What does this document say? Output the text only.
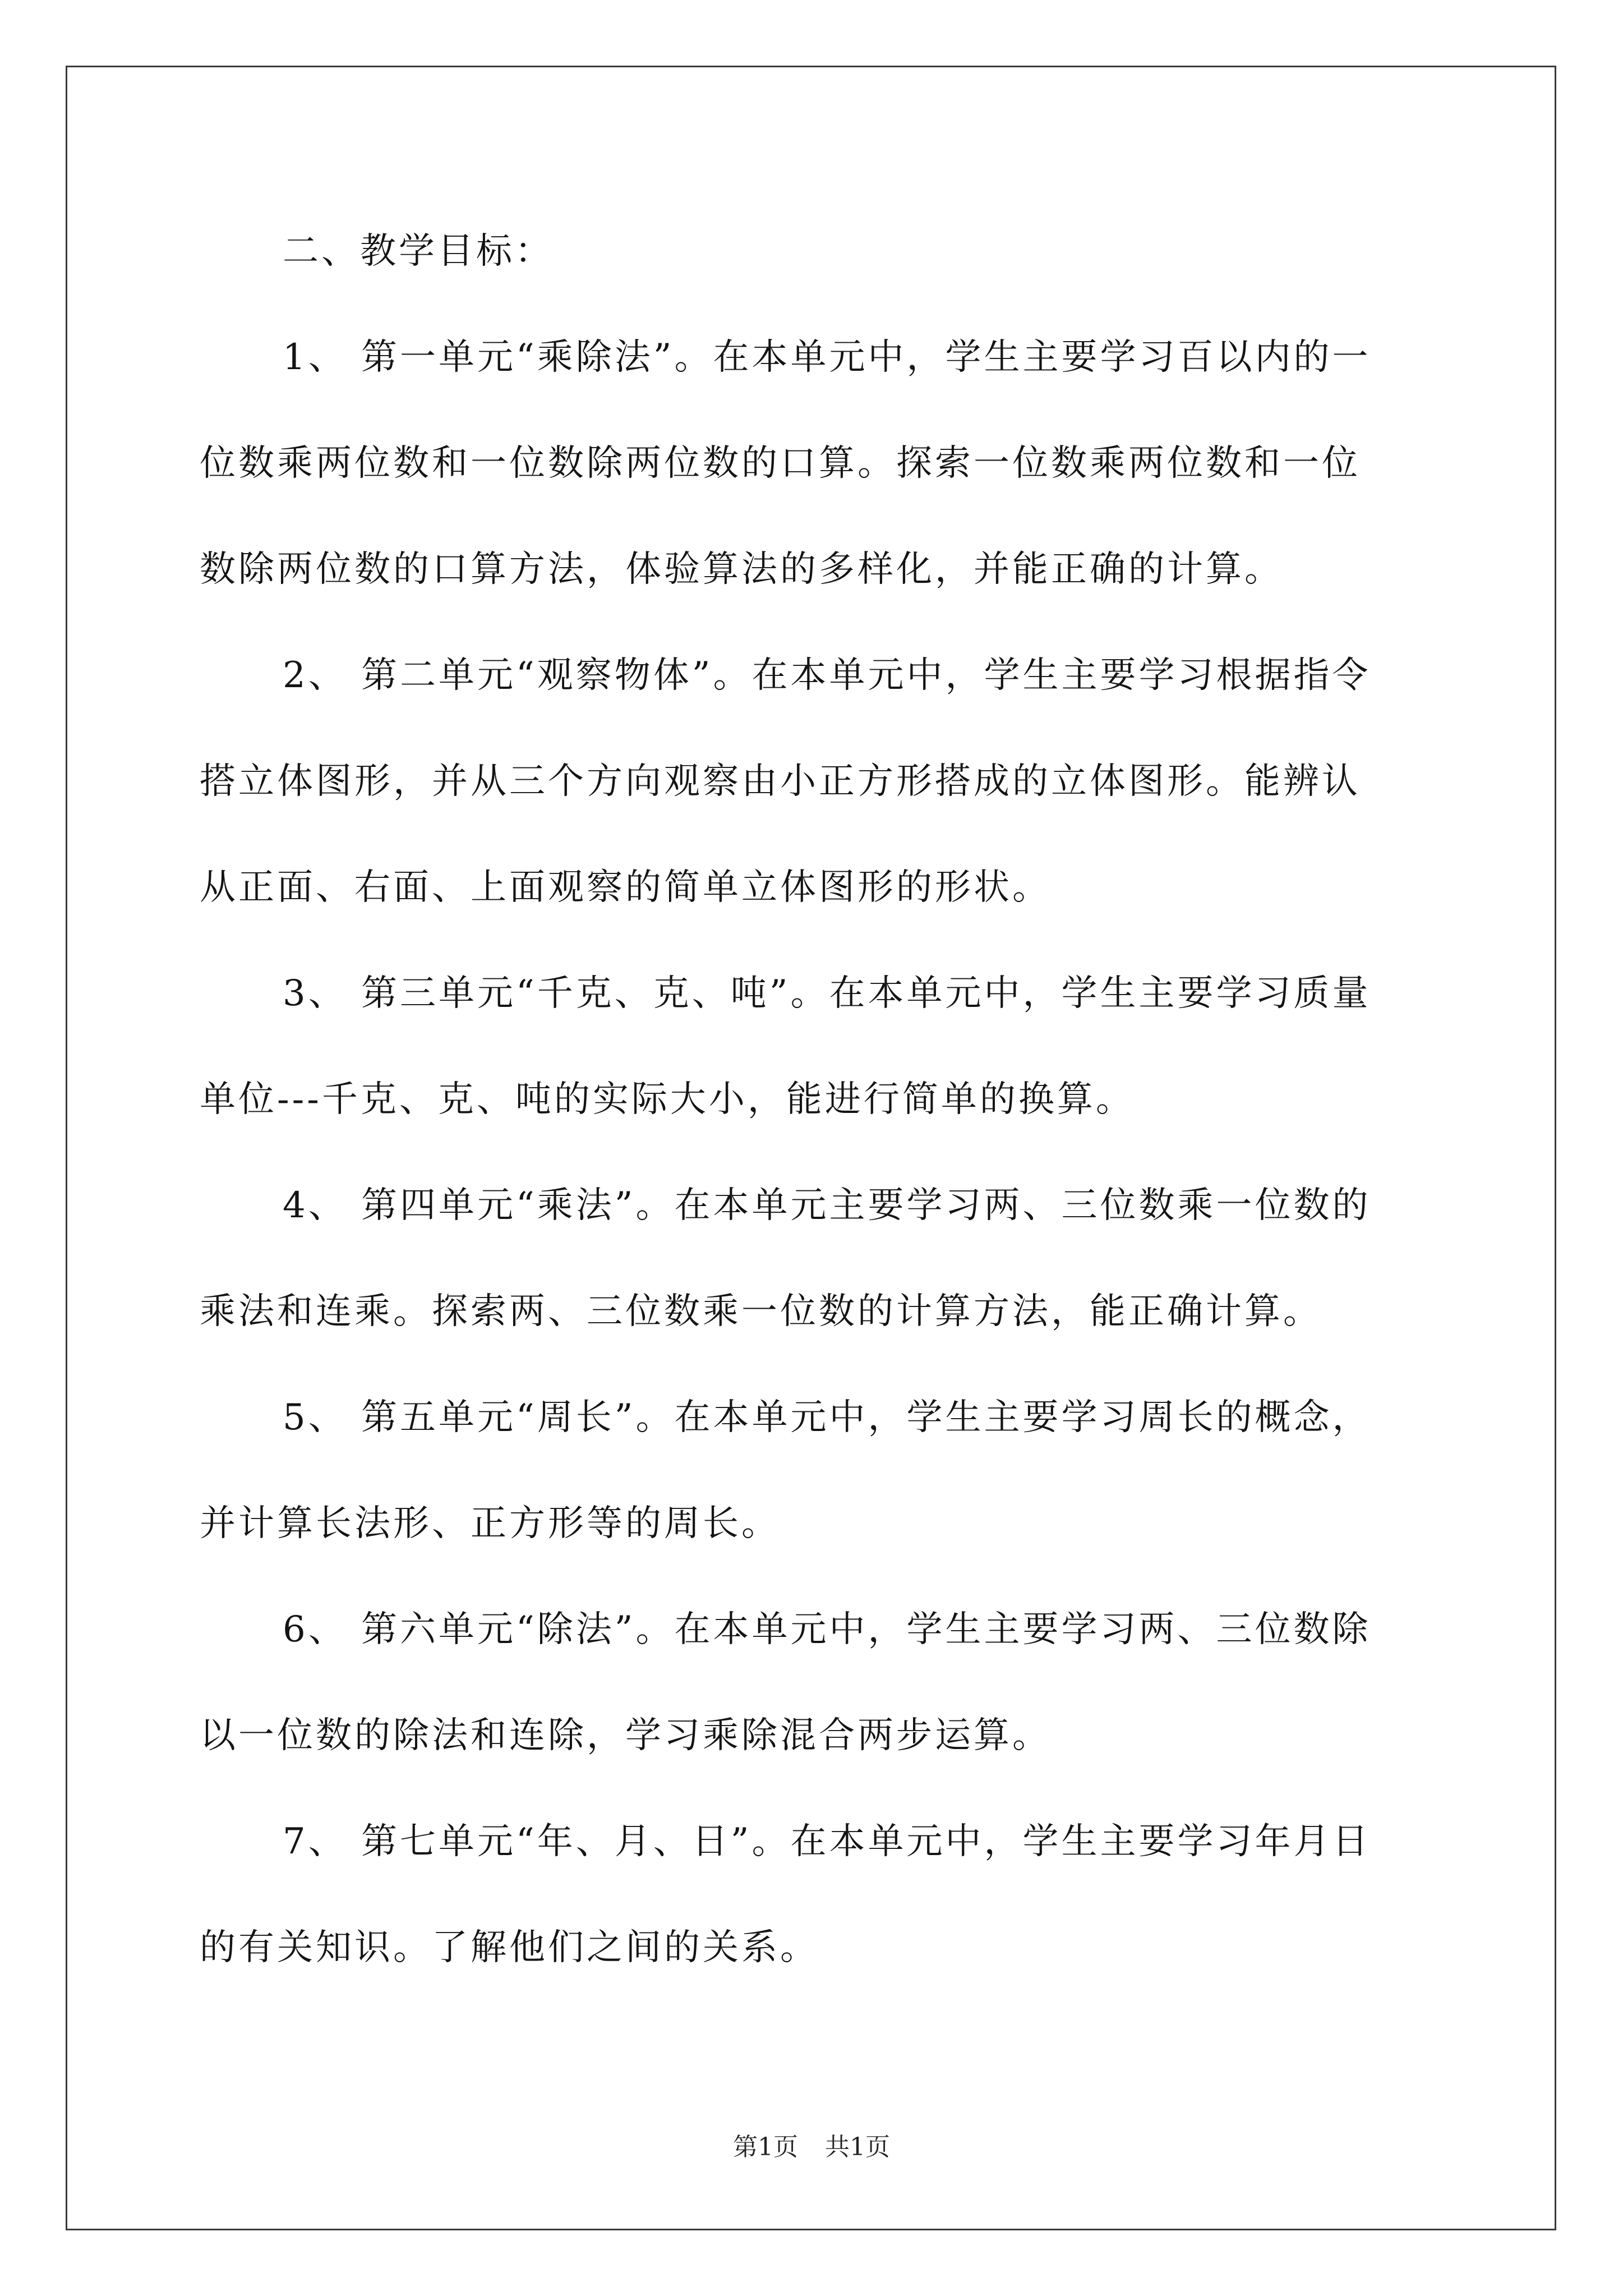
二、教学目标：
1、 第一单元“乘除法”。在本单元中，学生主要学习百以内的一
位数乘两位数和一位数除两位数的口算。探索一位数乘两位数和一位
数除两位数的口算方法，体验算法的多样化，并能正确的计算。
2、 第二单元“观察物体”。在本单元中，学生主要学习根据指令
搭立体图形，并从三个方向观察由小正方形搭成的立体图形。能辨认
从正面、右面、上面观察的简单立体图形的形状。
3、 第三单元“千克、克、吨”。在本单元中，学生主要学习质量
单位---千克、克、吨的实际大小，能进行简单的换算。
4、 第四单元“乘法”。在本单元主要学习两、三位数乘一位数的
乘法和连乘。探索两、三位数乘一位数的计算方法，能正确计算。
5、 第五单元“周长”。在本单元中，学生主要学习周长的概念，
并计算长法形、正方形等的周长。
6、 第六单元“除法”。在本单元中，学生主要学习两、三位数除
以一位数的除法和连除，学习乘除混合两步运算。
7、 第七单元“年、月、日”。在本单元中，学生主要学习年月日
的有关知识。了解他们之间的关系。
第1页 共1页
